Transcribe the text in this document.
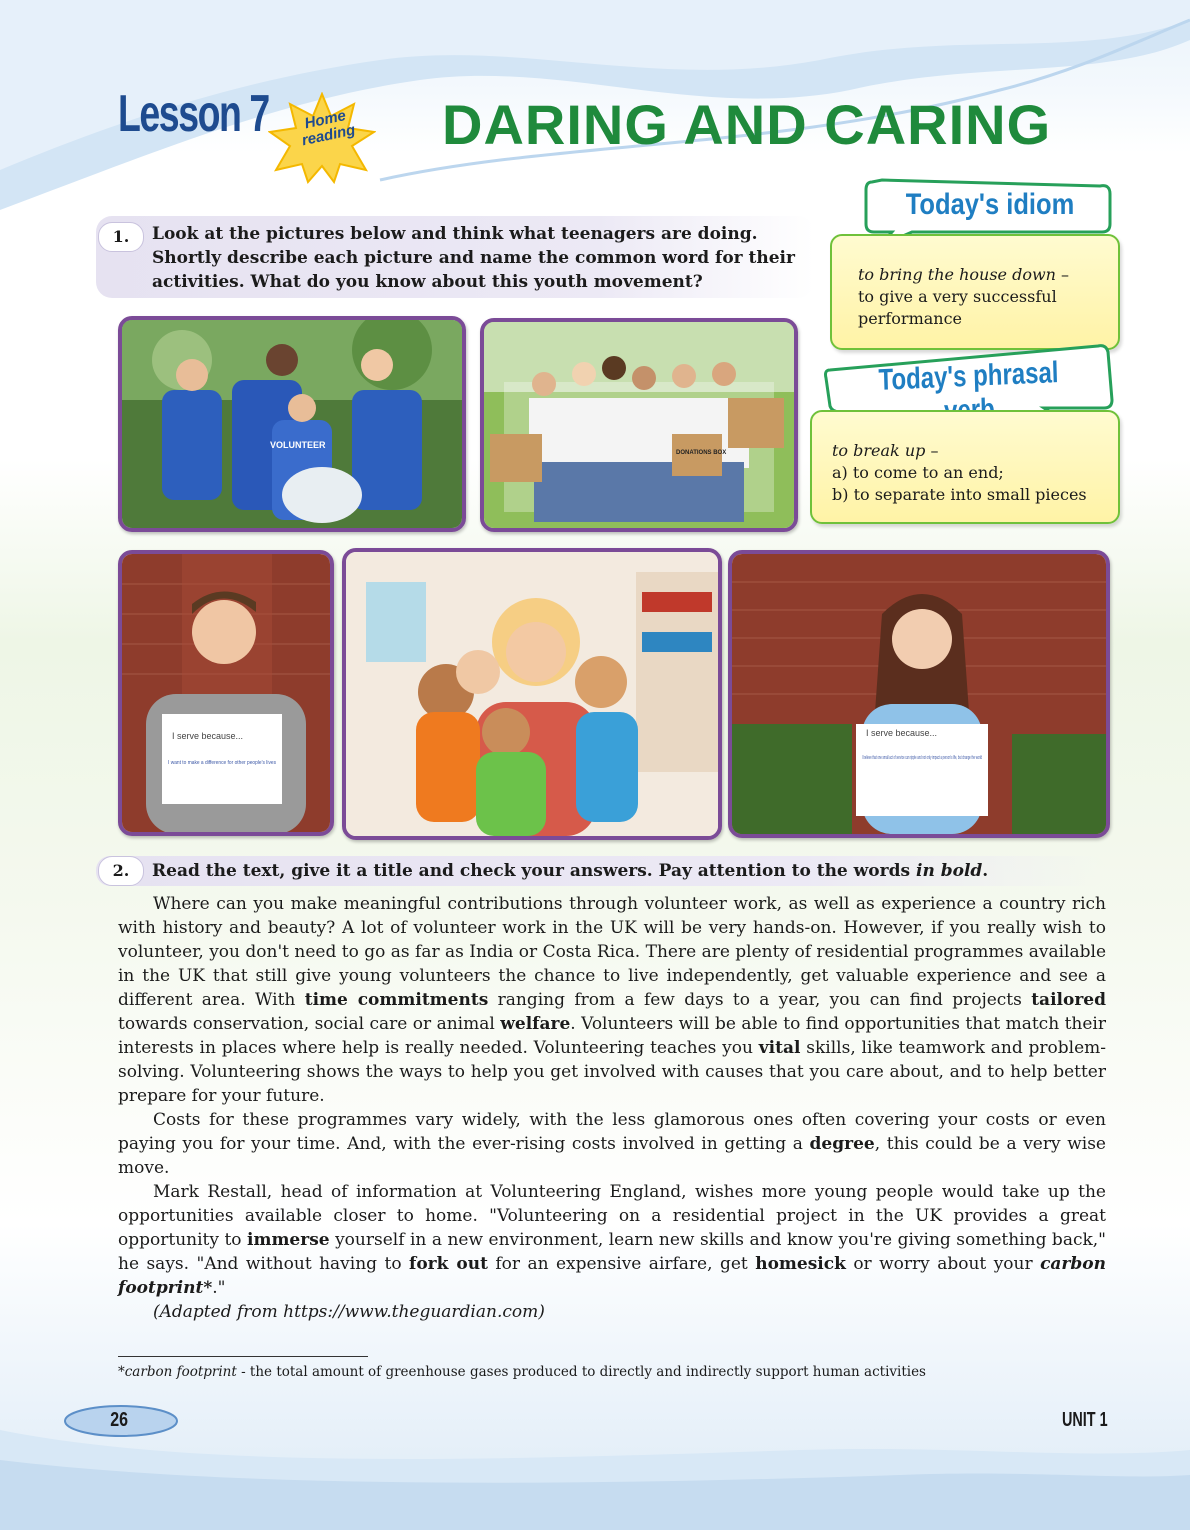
Lesson 7	Home reading DARING AND CARING
Today's idiom

to bring the house down –
to give a very successful performance

Today's phrasal

to break up –
a) to come to an end;
b) to separate into small pieces

1.	Look at the pictures below and think what teenagers are doing. Shortly describe each picture and name the common word for their activities. What do you know about this youth movement?
VOLUNTEER
DONATIONS BOX
I serve because...
I want to make a difference for other people's lives
I serve because...
I believe that one small act of service can ripple and not only impact a person's life, but change the world
2.	Read the text, give it a title and check your answers. Pay attention to the words in bold.

Where can you make meaningful contributions through volunteer work, as well as experience a country rich with history and beauty? A lot of volunteer work in the UK will be very hands-on. However, if you really wish to volunteer, you don't need to go as far as India or Costa Rica. There are plenty of residential programmes available in the UK that still give young volunteers the chance to live independently, get valuable experience and see a different area. With time commitments ranging from a few days to a year, you can find projects tailored towards conservation, social care or animal welfare. Volunteers will be able to find opportunities that match their interests in places where help is really needed. Volunteering teaches you vital skills, like teamwork and problem-solving. Volunteering shows the ways to help you get involved with causes that you care about, and to help better prepare for your future.

Costs for these programmes vary widely, with the less glamorous ones often covering your costs or even paying you for your time. And, with the ever-rising costs involved in getting a degree, this could be a very wise move.

Mark Restall, head of information at Volunteering England, wishes more young people would take up the opportunities available closer to home. "Volunteering on a residential project in the UK provides a great opportunity to immerse yourself in a new environment, learn new skills and know you're giving something back," he says. "And without having to fork out for an expensive airfare, get homesick or worry about your carbon footprint*."

(Adapted from https://www.theguardian.com)

*carbon footprint - the total amount of greenhouse gases produced to directly and indirectly support human activities
26	UNIT 1
